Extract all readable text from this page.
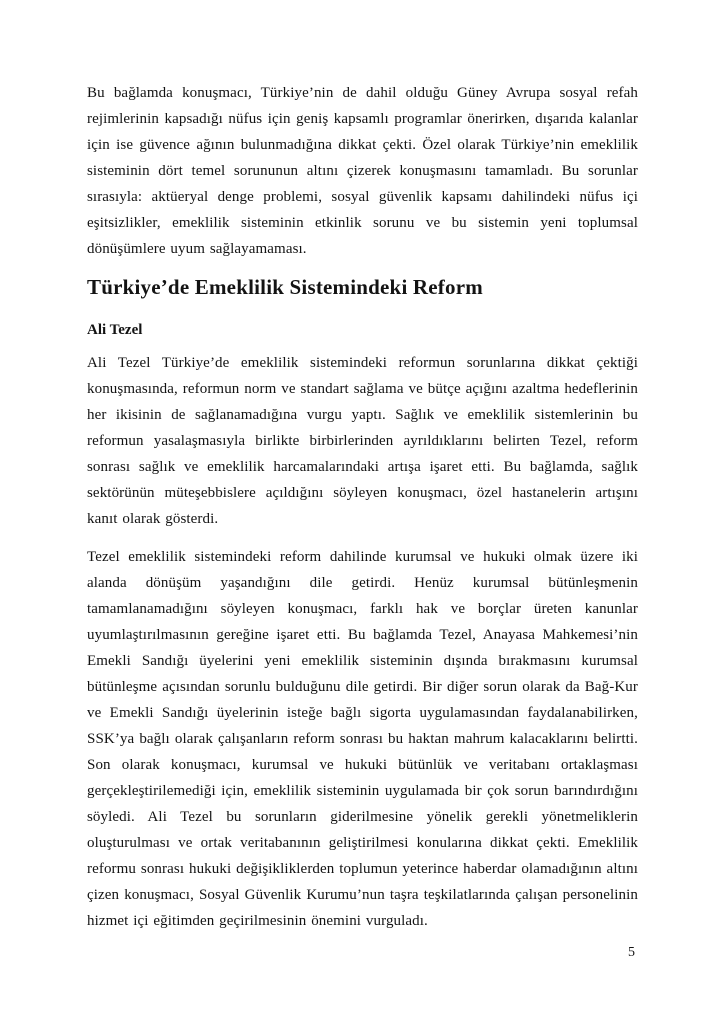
Bu bağlamda konuşmacı, Türkiye’nin de dahil olduğu Güney Avrupa sosyal refah rejimlerinin kapsadığı nüfus için geniş kapsamlı programlar önerirken, dışarıda kalanlar için ise güvence ağının bulunmadığına dikkat çekti. Özel olarak Türkiye’nin emeklilik sisteminin dört temel sorununun altını çizerek konuşmasını tamamladı. Bu sorunlar sırasıyla: aktüeryal denge problemi, sosyal güvenlik kapsamı dahilindeki nüfus içi eşitsizlikler, emeklilik sisteminin etkinlik sorunu ve bu sistemin yeni toplumsal dönüşümlere uyum sağlayamaması.

Türkiye’de Emeklilik Sistemindeki Reform

Ali Tezel

Ali Tezel Türkiye’de emeklilik sistemindeki reformun sorunlarına dikkat çektiği konuşmasında, reformun norm ve standart sağlama ve bütçe açığını azaltma hedeflerinin her ikisinin de sağlanamadığına vurgu yaptı. Sağlık ve emeklilik sistemlerinin bu reformun yasalaşmasıyla birlikte birbirlerinden ayrıldıklarını belirten Tezel, reform sonrası sağlık ve emeklilik harcamalarındaki artışa işaret etti. Bu bağlamda, sağlık sektörünün müteşebbislere açıldığını söyleyen konuşmacı, özel hastanelerin artışını kanıt olarak gösterdi.

Tezel emeklilik sistemindeki reform dahilinde kurumsal ve hukuki olmak üzere iki alanda dönüşüm yaşandığını dile getirdi. Henüz kurumsal bütünleşmenin tamamlanamadığını söyleyen konuşmacı, farklı hak ve borçlar üreten kanunlar uyumlaştırılmasının gereğine işaret etti. Bu bağlamda Tezel, Anayasa Mahkemesi’nin Emekli Sandığı üyelerini yeni emeklilik sisteminin dışında bırakmasını kurumsal bütünleşme açısından sorunlu bulduğunu dile getirdi. Bir diğer sorun olarak da Bağ-Kur ve Emekli Sandığı üyelerinin isteğe bağlı sigorta uygulamasından faydalanabilirken, SSK’ya bağlı olarak çalışanların reform sonrası bu haktan mahrum kalacaklarını belirtti. Son olarak konuşmacı, kurumsal ve hukuki bütünlük ve veritabanı ortaklaşması gerçekleştirilemediği için, emeklilik sisteminin uygulamada bir çok sorun barındırdığını söyledi. Ali Tezel bu sorunların giderilmesine yönelik gerekli yönetmeliklerin oluşturulması ve ortak veritabanının geliştirilmesi konularına dikkat çekti. Emeklilik reformu sonrası hukuki değişikliklerden toplumun yeterince haberdar olamadığının altını çizen konuşmacı, Sosyal Güvenlik Kurumu’nun taşra teşkilatlarında çalışan personelinin hizmet içi eğitimden geçirilmesinin önemini vurguladı.

5
